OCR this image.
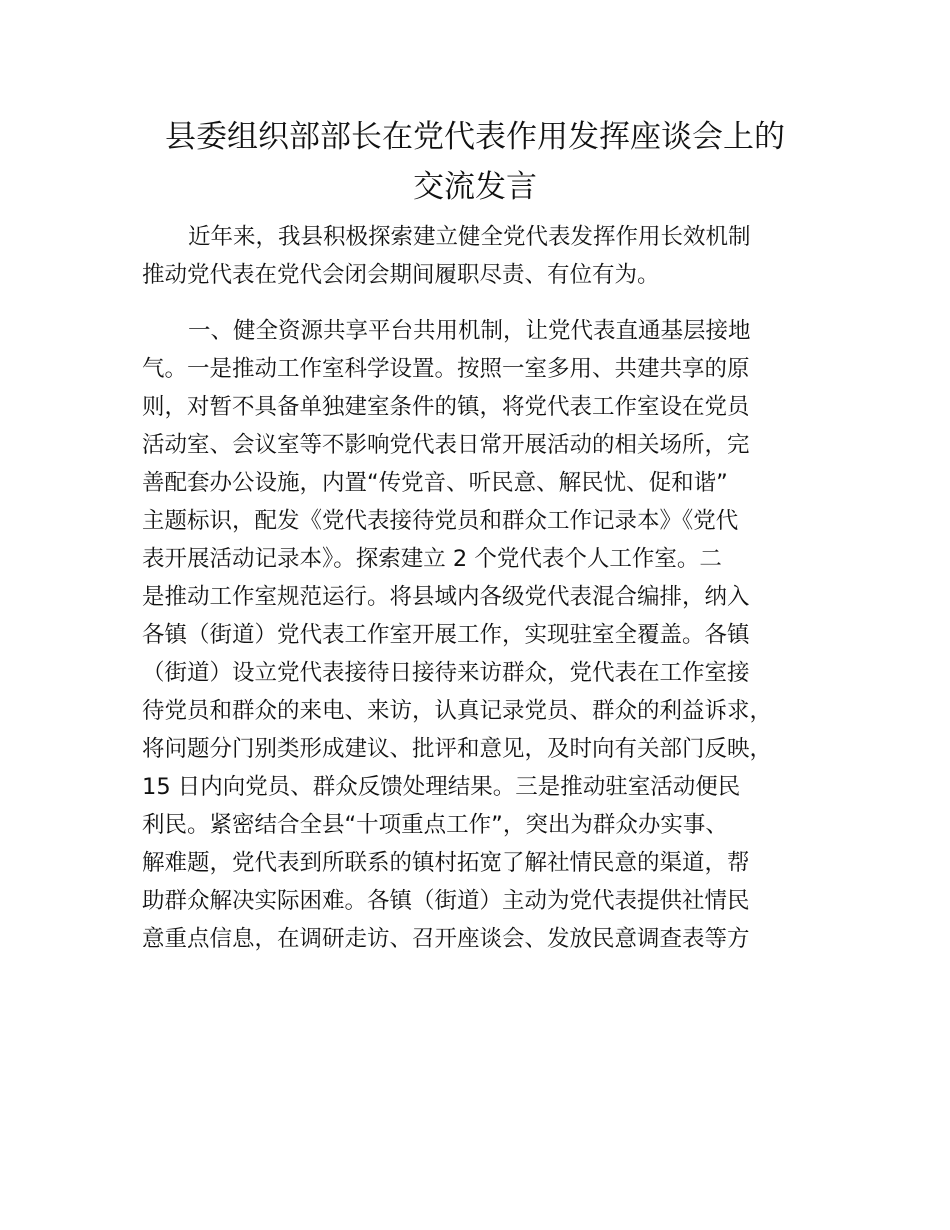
县委组织部部长在党代表作用发挥座谈会上的
交流发言

近年来，我县积极探索建立健全党代表发挥作用长效机制
推动党代表在党代会闭会期间履职尽责、有位有为。

一、健全资源共享平台共用机制，让党代表直通基层接地
气。一是推动工作室科学设置。按照一室多用、共建共享的原
则，对暂不具备单独建室条件的镇，将党代表工作室设在党员
活动室、会议室等不影响党代表日常开展活动的相关场所，完
善配套办公设施，内置“传党音、听民意、解民忧、促和谐”
主题标识，配发《党代表接待党员和群众工作记录本》《党代
表开展活动记录本》。探索建立 2 个党代表个人工作室。二
是推动工作室规范运行。将县域内各级党代表混合编排，纳入
各镇（街道）党代表工作室开展工作，实现驻室全覆盖。各镇
（街道）设立党代表接待日接待来访群众，党代表在工作室接
待党员和群众的来电、来访，认真记录党员、群众的利益诉求，
将问题分门别类形成建议、批评和意见，及时向有关部门反映，
15 日内向党员、群众反馈处理结果。三是推动驻室活动便民
利民。紧密结合全县“十项重点工作”，突出为群众办实事、
解难题，党代表到所联系的镇村拓宽了解社情民意的渠道，帮
助群众解决实际困难。各镇（街道）主动为党代表提供社情民
意重点信息，在调研走访、召开座谈会、发放民意调查表等方
